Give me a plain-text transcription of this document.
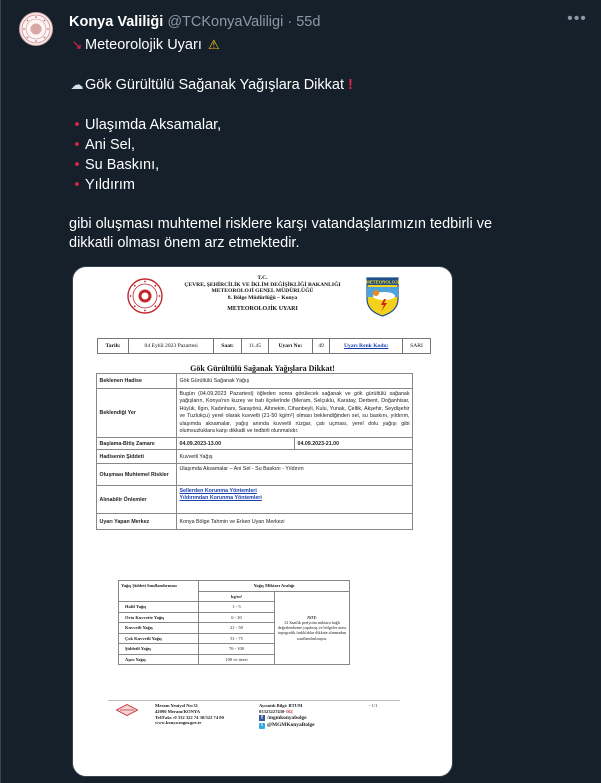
Konya Valiliği @TCKonyaValiligi · 55d	•••
↘ Meteorolojik Uyarı ⚠
☁ Gök Gürültülü Sağanak Yağışlara Dikkat !
• Ulaşımda Aksamalar,
• Ani Sel,
• Su Baskını,
• Yıldırım
gibi oluşması muhtemel risklere karşı vatandaşlarımızın tedbirli ve dikkatli olması önem arz etmektedir.
T.C.
ÇEVRE, ŞEHİRCİLİK VE İKLİM DEĞİŞİKLİĞİ BAKANLIĞI
METEOROLOJİ GENEL MÜDÜRLÜĞÜ
8. Bölge Müdürlüğü – Konya
METEOROLOJİK UYARI
METEOROLOJİ
Tarih:	04 Eylül 2023 Pazartesi	Saat:	11.45	Uyarı No:	49	Uyarı Renk Kodu:	SARI
Gök Gürültülü Sağanak Yağışlara Dikkat!
Beklenen Hadise	Gök Gürültülü Sağanak Yağış	
Beklendiği Yer	Bugün (04.09.2023 Pazartesi) öğleden sonra görülecek sağanak ve gök gürültülü sağanak yağışların, Konya'nın kuzey ve batı ilçelerinde (Meram, Selçuklu, Karatay, Derbent, Doğanhisar, Hüyük, Ilgın, Kadınhanı, Sarayönü, Altınekin, Cihanbeyli, Kulu, Yunak, Çeltik, Akşehir, Seydişehir ve Tuzlukçu) yerel olarak kuvvetli (21-50 kg/m²) olması beklendiğinden sel, su baskını, yıldırım, ulaşımda aksamalar, yağış anında kuvvetli rüzgar, çatı uçması, yerel dolu yağışı gibi olumsuzluklara karşı dikkatli ve tedbirli olunmalıdır.	
Başlama-Bitiş Zamanı	04.09.2023-13.00	04.09.2023-21.00
Hadisenin Şiddeti	Kuvvetli Yağış	
Oluşması Muhtemel Riskler	Ulaşımda Aksamalar – Ani Sel - Su Baskını - Yıldırım	
Alınabilir Önlemler	Sellerden Korunma Yöntemleri
Yıldırımdan Korunma Yöntemleri	

Uyarı Yapan Merkez	Konya Bölge Tahmin ve Erken Uyarı Merkezi	
Yağış Şiddeti Sınıflandırması	Yağış Miktarı Aralığı	
	kg/m²	NOT:
12 Saatlik periyotta miktara bağlı değerlendirme yapılmış ve bölgeler arası topografik farklılıklar dikkate alınmadan sınıflandırılmıştır.

Hafif Yağış	1 - 5	
Orta Kuvvette Yağış	6 - 20	
Kuvvetli Yağış	21 - 50	
Çok Kuvvetli Yağış	51 - 75	
Şiddetli Yağış	76 - 100	
Aşırı Yağış	100 ve üzeri	
Meram Yeniyol No:31
42090 Meram/KONYA
Tel/Faks :0 332 322 74 30/322 74 00
www.konya.mgm.gov.tr
Ayrıntılı Bilgi: BTUM
03323227430-162
f /mgmkonyabolge
t @MGMKonyaBolge
- 1/1
